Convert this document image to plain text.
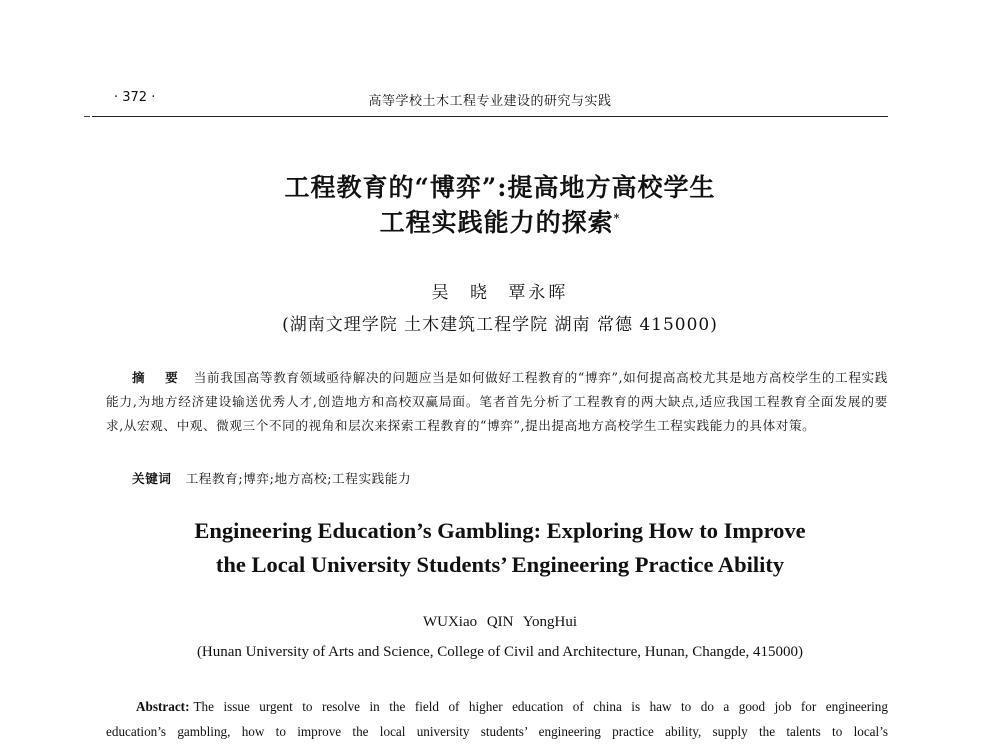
· 372 ·	高等学校土木工程专业建设的研究与实践
工程教育的“博弈”:提高地方高校学生
工程实践能力的探索*
吴 晓 覃永晖
(湖南文理学院 土木建筑工程学院 湖南 常德 415000)
摘 要 当前我国高等教育领域亟待解决的问题应当是如何做好工程教育的“博弈”,如何提高高校尤其是地方高校学生的工程实践能力,为地方经济建设输送优秀人才,创造地方和高校双赢局面。笔者首先分析了工程教育的两大缺点,适应我国工程教育全面发展的要求,从宏观、中观、微观三个不同的视角和层次来探索工程教育的“博弈”,提出提高地方高校学生工程实践能力的具体对策。
关键词 工程教育;博弈;地方高校;工程实践能力
Engineering Education’s Gambling: Exploring How to Improve
the Local University Students’ Engineering Practice Ability
WUXiao QIN YongHui
(Hunan University of Arts and Science, College of Civil and Architecture, Hunan, Changde, 415000)
Abstract: The issue urgent to resolve in the field of higher education of china is haw to do a good job for engineering
education’s gambling, how to improve the local university students’ engineering practice ability, supply the talents to local’s
